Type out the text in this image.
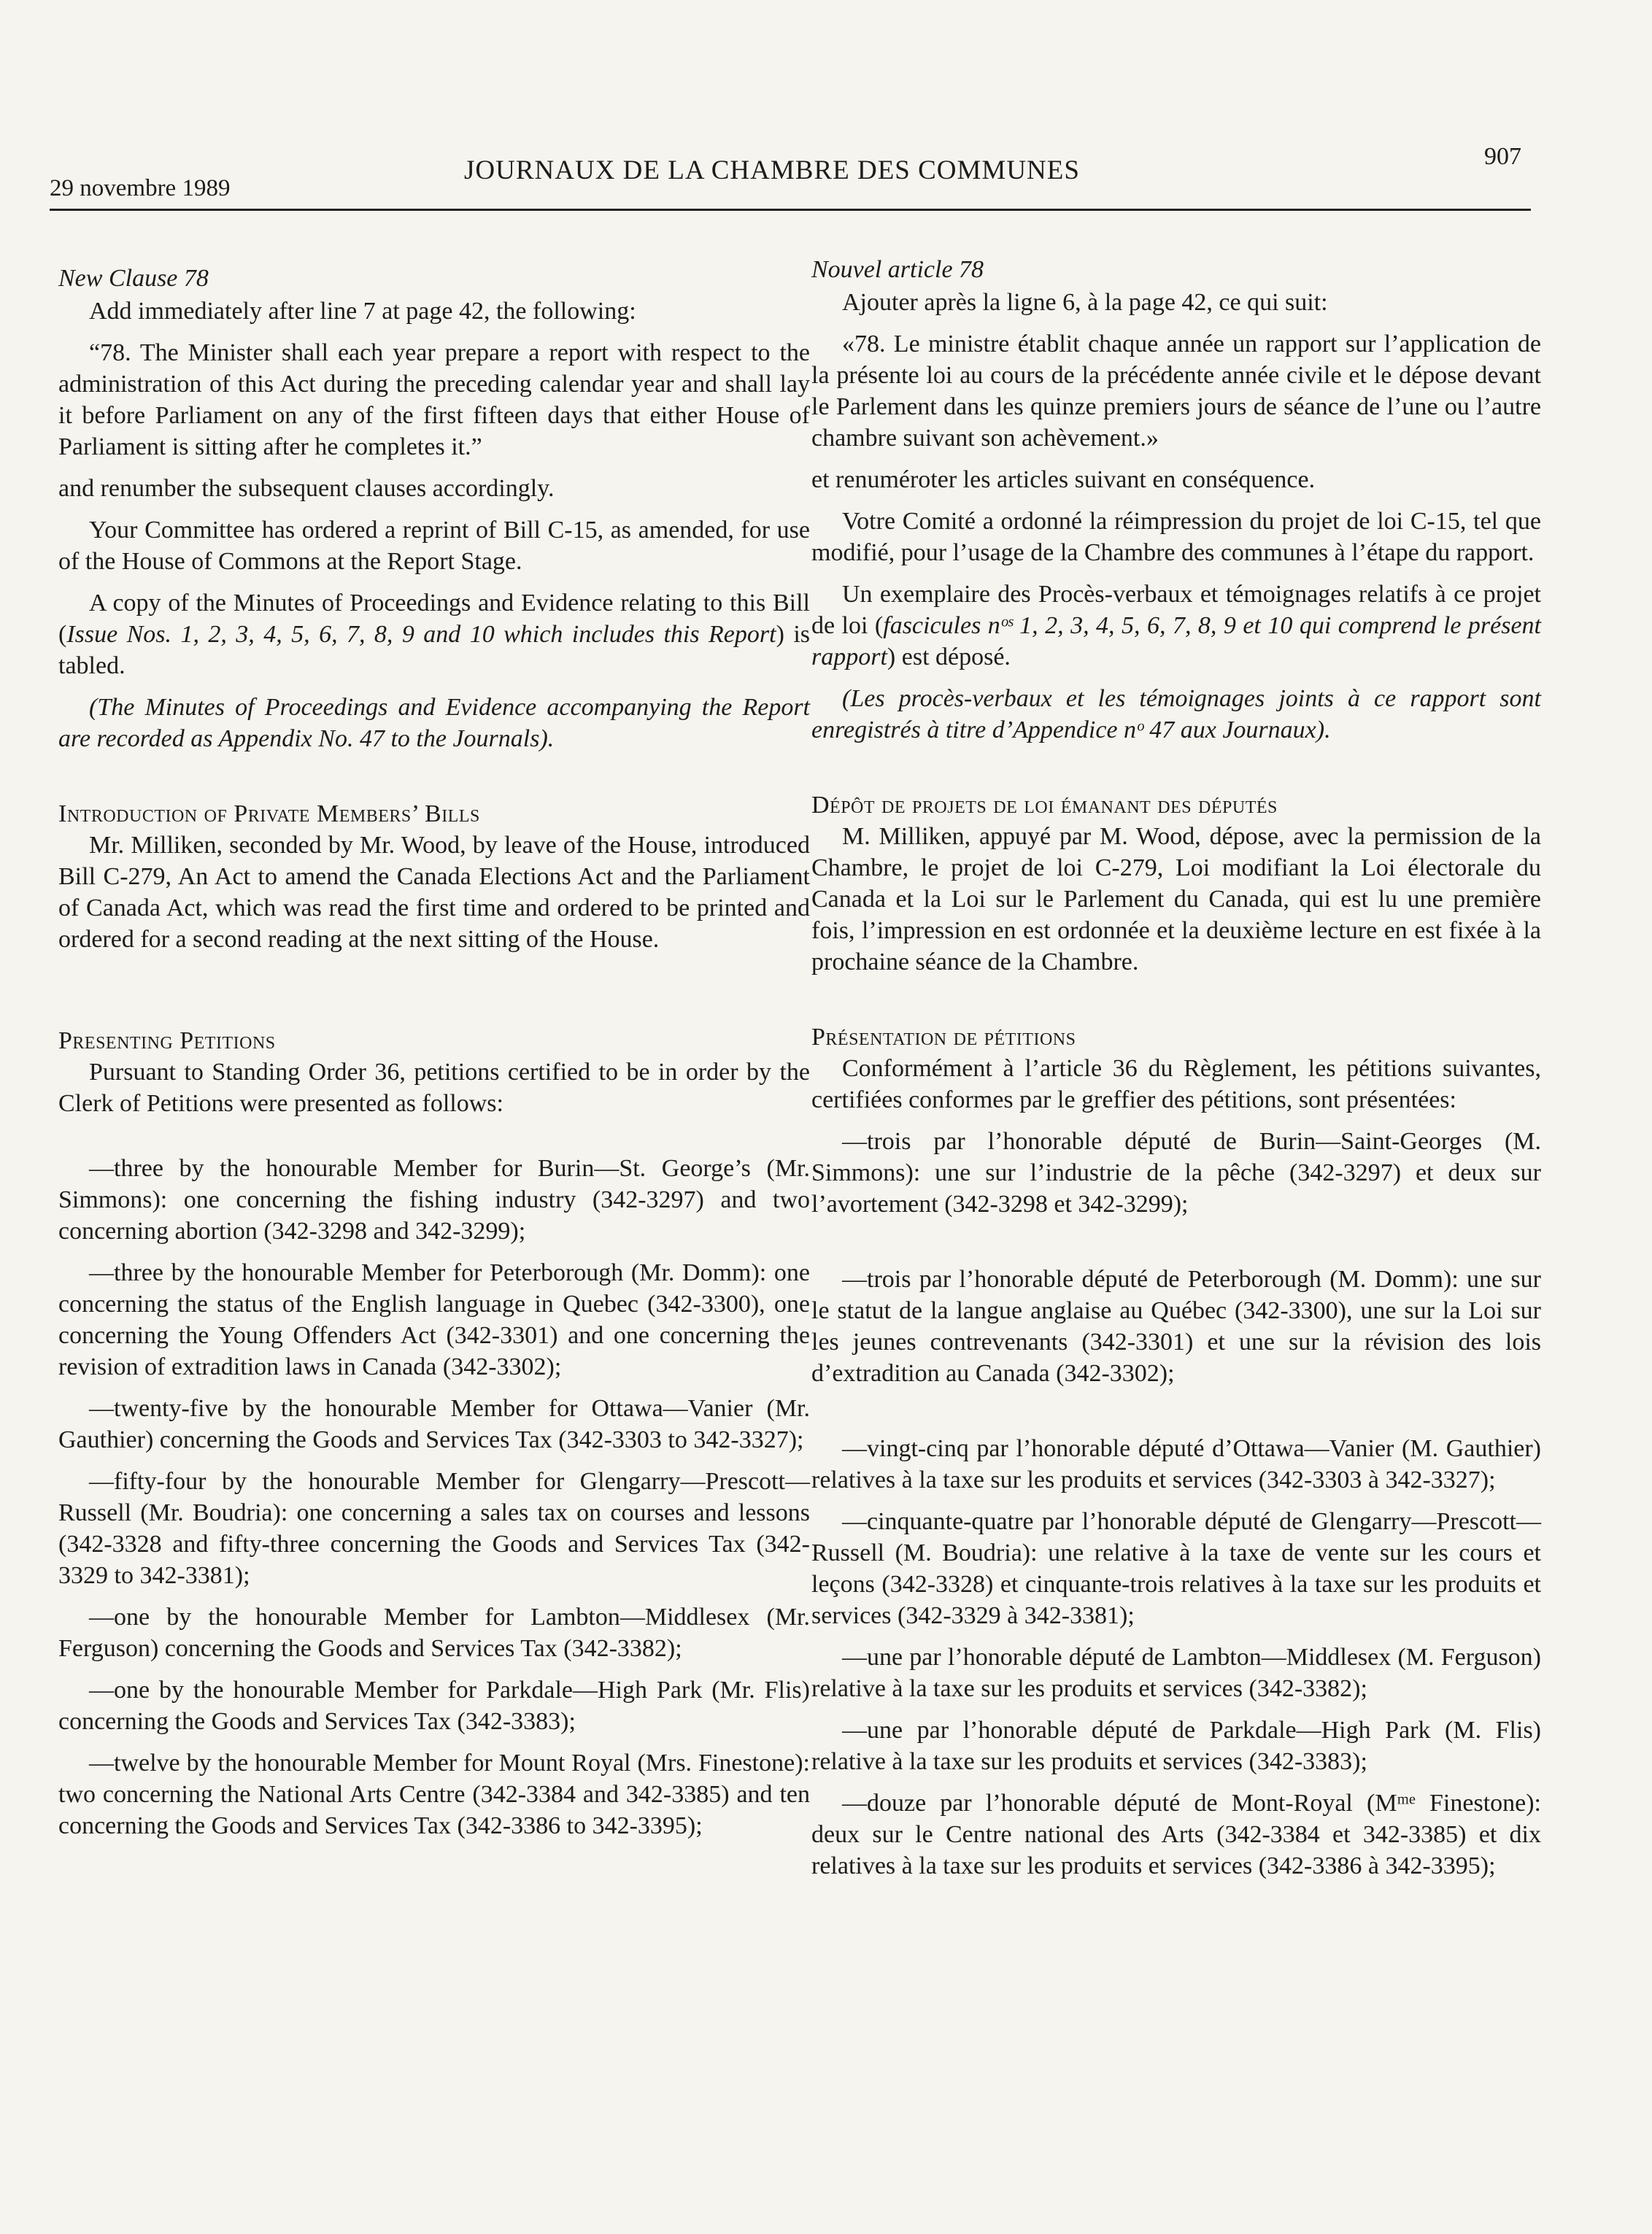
29 novembre 1989
JOURNAUX DE LA CHAMBRE DES COMMUNES	907

New Clause 78

Add immediately after line 7 at page 42, the following:

“78. The Minister shall each year prepare a report with respect to the administration of this Act during the preceding calendar year and shall lay it before Parliament on any of the first fifteen days that either House of Parliament is sitting after he completes it.”

and renumber the subsequent clauses accordingly.

Your Committee has ordered a reprint of Bill C-15, as amended, for use of the House of Commons at the Report Stage.

A copy of the Minutes of Proceedings and Evidence relating to this Bill (Issue Nos. 1, 2, 3, 4, 5, 6, 7, 8, 9 and 10 which includes this Report) is tabled.

(The Minutes of Proceedings and Evidence accompanying the Report are recorded as Appendix No. 47 to the Journals).

Introduction of Private Members’ Bills

Mr. Milliken, seconded by Mr. Wood, by leave of the House, introduced Bill C-279, An Act to amend the Canada Elections Act and the Parliament of Canada Act, which was read the first time and ordered to be printed and ordered for a second reading at the next sitting of the House.

Presenting Petitions

Pursuant to Standing Order 36, petitions certified to be in order by the Clerk of Petitions were presented as follows:

—three by the honourable Member for Burin—St. George’s (Mr. Simmons): one concerning the fishing industry (342-3297) and two concerning abortion (342-3298 and 342-3299);

—three by the honourable Member for Peterborough (Mr. Domm): one concerning the status of the English language in Quebec (342-3300), one concerning the Young Offenders Act (342-3301) and one concerning the revision of extradition laws in Canada (342-3302);

—twenty-five by the honourable Member for Ottawa—Vanier (Mr. Gauthier) concerning the Goods and Services Tax (342-3303 to 342-3327);

—fifty-four by the honourable Member for Glengarry—Prescott—Russell (Mr. Boudria): one concerning a sales tax on courses and lessons (342-3328 and fifty-three concerning the Goods and Services Tax (342-3329 to 342-3381);

—one by the honourable Member for Lambton—Middlesex (Mr. Ferguson) concerning the Goods and Services Tax (342-3382);

—one by the honourable Member for Parkdale—High Park (Mr. Flis) concerning the Goods and Services Tax (342-3383);

—twelve by the honourable Member for Mount Royal (Mrs. Finestone): two concerning the National Arts Centre (342-3384 and 342-3385) and ten concerning the Goods and Services Tax (342-3386 to 342-3395);

Nouvel article 78

Ajouter après la ligne 6, à la page 42, ce qui suit:

«78. Le ministre établit chaque année un rapport sur l’application de la présente loi au cours de la précédente année civile et le dépose devant le Parlement dans les quinze premiers jours de séance de l’une ou l’autre chambre suivant son achèvement.»

et renuméroter les articles suivant en conséquence.

Votre Comité a ordonné la réimpression du projet de loi C-15, tel que modifié, pour l’usage de la Chambre des communes à l’étape du rapport.

Un exemplaire des Procès-verbaux et témoignages relatifs à ce projet de loi (fascicules nᵒˢ 1, 2, 3, 4, 5, 6, 7, 8, 9 et 10 qui comprend le présent rapport) est déposé.

(Les procès-verbaux et les témoignages joints à ce rapport sont enregistrés à titre d’Appendice nᵒ 47 aux Journaux).

Dépôt de projets de loi émanant des députés

M. Milliken, appuyé par M. Wood, dépose, avec la permission de la Chambre, le projet de loi C-279, Loi modifiant la Loi électorale du Canada et la Loi sur le Parlement du Canada, qui est lu une première fois, l’impression en est ordonnée et la deuxième lecture en est fixée à la prochaine séance de la Chambre.

Présentation de pétitions

Conformément à l’article 36 du Règlement, les pétitions suivantes, certifiées conformes par le greffier des pétitions, sont présentées:

—trois par l’honorable député de Burin—Saint-Georges (M. Simmons): une sur l’industrie de la pêche (342-3297) et deux sur l’avortement (342-3298 et 342-3299);

—trois par l’honorable député de Peterborough (M. Domm): une sur le statut de la langue anglaise au Québec (342-3300), une sur la Loi sur les jeunes contrevenants (342-3301) et une sur la révision des lois d’extradition au Canada (342-3302);

—vingt-cinq par l’honorable député d’Ottawa—Vanier (M. Gauthier) relatives à la taxe sur les produits et services (342-3303 à 342-3327);

—cinquante-quatre par l’honorable député de Glengarry—Prescott—Russell (M. Boudria): une relative à la taxe de vente sur les cours et leçons (342-3328) et cinquante-trois relatives à la taxe sur les produits et services (342-3329 à 342-3381);

—une par l’honorable député de Lambton—Middlesex (M. Ferguson) relative à la taxe sur les produits et services (342-3382);

—une par l’honorable député de Parkdale—High Park (M. Flis) relative à la taxe sur les produits et services (342-3383);

—douze par l’honorable député de Mont-Royal (Mᵐᵉ Finestone): deux sur le Centre national des Arts (342-3384 et 342-3385) et dix relatives à la taxe sur les produits et services (342-3386 à 342-3395);
